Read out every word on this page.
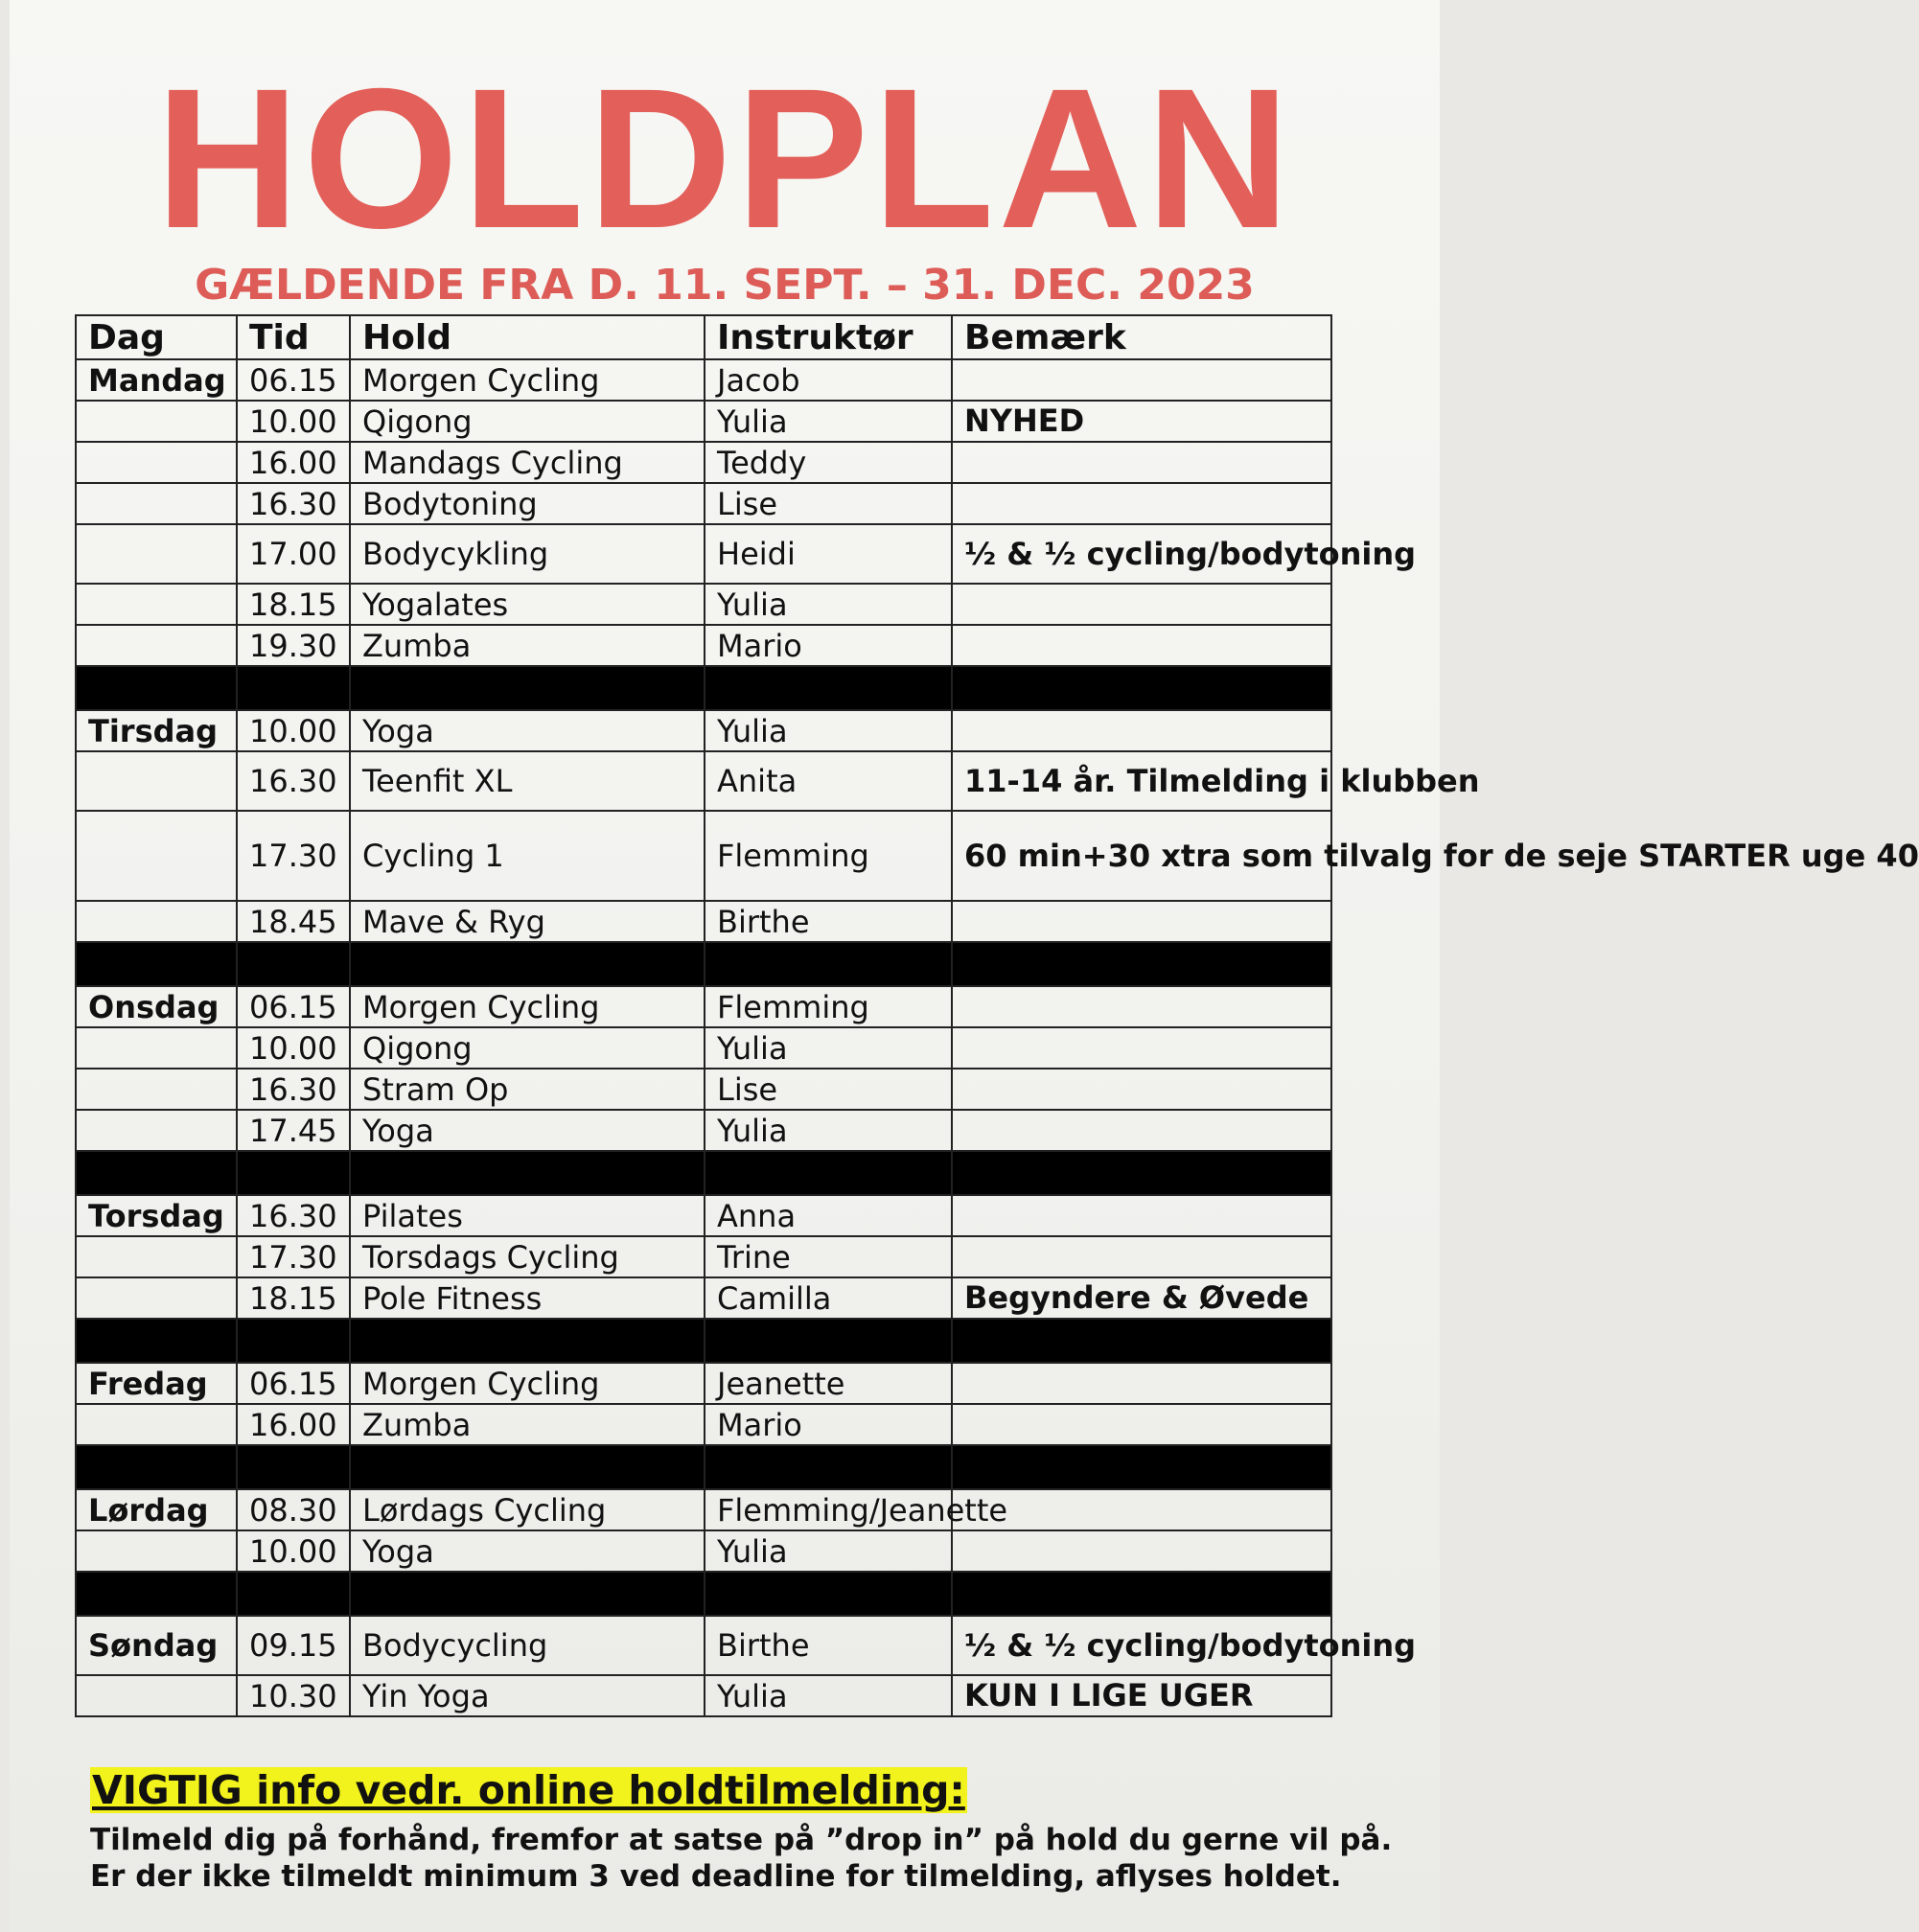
HOLDPLAN
GÆLDENDE FRA D. 11. SEPT. – 31. DEC. 2023
Dag	Tid	Hold	Instruktør	Bemærk
Mandag	06.15	Morgen Cycling	Jacob	
	10.00	Qigong	Yulia	NYHED
	16.00	Mandags Cycling	Teddy	
	16.30	Bodytoning	Lise	
	17.00	Bodycykling	Heidi	½ & ½ cycling/bodytoning
	18.15	Yogalates	Yulia	
	19.30	Zumba	Mario	

Tirsdag	10.00	Yoga	Yulia	
	16.30	Teenfit XL	Anita	11-14 år. Tilmelding i klubben
	17.30	Cycling 1	Flemming	60 min+30 xtra som tilvalg for de seje STARTER uge 40
	18.45	Mave & Ryg	Birthe	

Onsdag	06.15	Morgen Cycling	Flemming	
	10.00	Qigong	Yulia	
	16.30	Stram Op	Lise	
	17.45	Yoga	Yulia	

Torsdag	16.30	Pilates	Anna	
	17.30	Torsdags Cycling	Trine	
	18.15	Pole Fitness	Camilla	Begyndere & Øvede

Fredag	06.15	Morgen Cycling	Jeanette	
	16.00	Zumba	Mario	

Lørdag	08.30	Lørdags Cycling	Flemming/Jeanette	
	10.00	Yoga	Yulia	

Søndag	09.15	Bodycycling	Birthe	½ & ½ cycling/bodytoning
	10.30	Yin Yoga	Yulia	KUN I LIGE UGER
VIGTIG info vedr. online holdtilmelding:
Tilmeld dig på forhånd, fremfor at satse på ”drop in” på hold du gerne vil på.
Er der ikke tilmeldt minimum 3 ved deadline for tilmelding, aflyses holdet.
